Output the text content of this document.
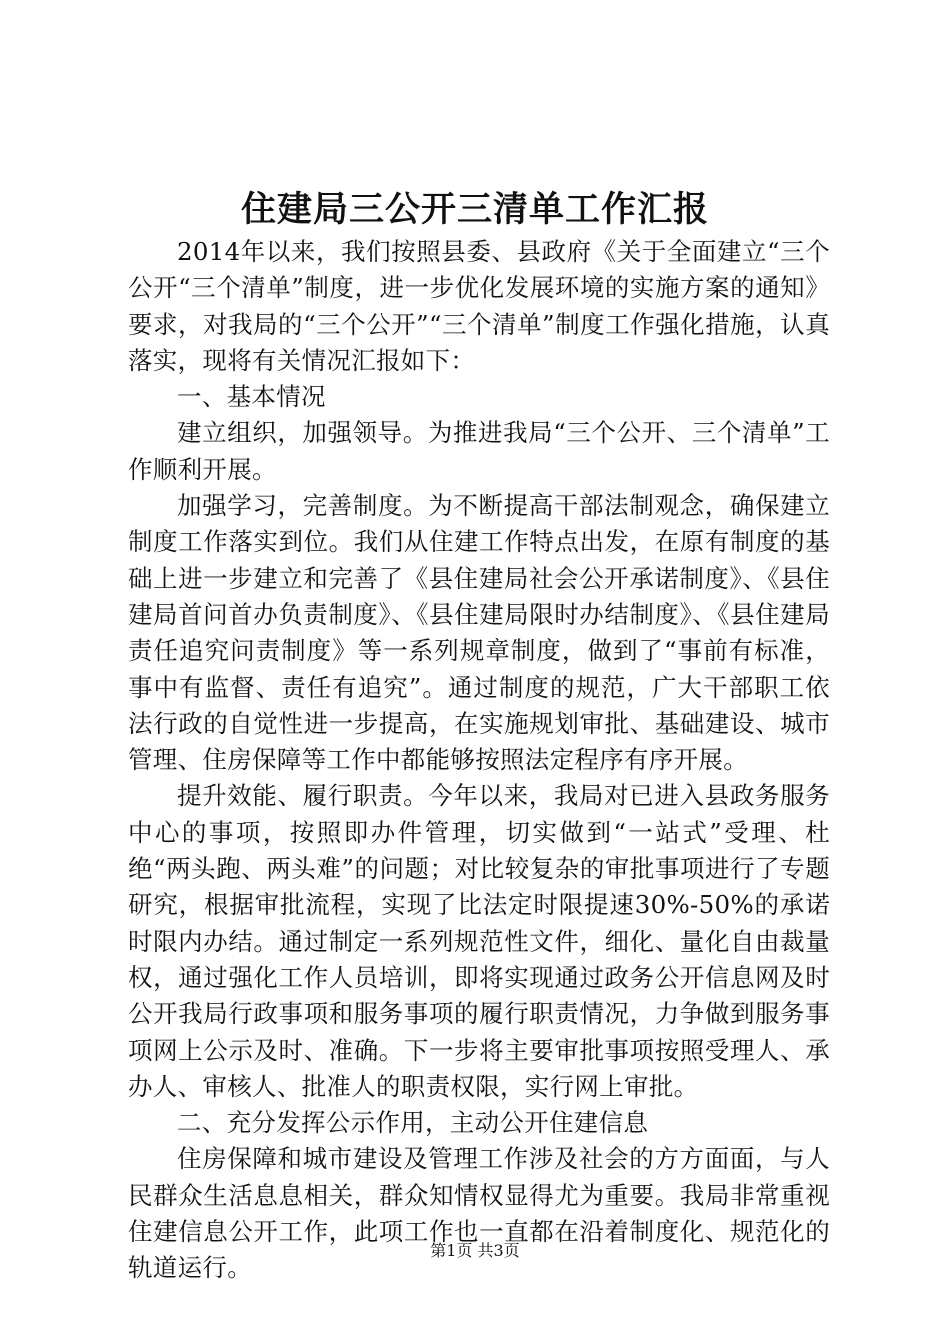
住建局三公开三清单工作汇报

2014年以来，我们按照县委、县政府《关于全面建立“三个公开“三个清单”制度，进一步优化发展环境的实施方案的通知》要求，对我局的“三个公开”“三个清单”制度工作强化措施，认真落实，现将有关情况汇报如下：

一、基本情况

建立组织，加强领导。为推进我局“三个公开、三个清单”工作顺利开展。

加强学习，完善制度。为不断提高干部法制观念，确保建立制度工作落实到位。我们从住建工作特点出发，在原有制度的基础上进一步建立和完善了《县住建局社会公开承诺制度》、《县住建局首问首办负责制度》、《县住建局限时办结制度》、《县住建局责任追究问责制度》等一系列规章制度，做到了“事前有标准，事中有监督、责任有追究”。通过制度的规范，广大干部职工依法行政的自觉性进一步提高，在实施规划审批、基础建设、城市管理、住房保障等工作中都能够按照法定程序有序开展。

提升效能、履行职责。今年以来，我局对已进入县政务服务中心的事项，按照即办件管理，切实做到“一站式”受理、杜绝“两头跑、两头难”的问题；对比较复杂的审批事项进行了专题研究，根据审批流程，实现了比法定时限提速30%-50%的承诺时限内办结。通过制定一系列规范性文件，细化、量化自由裁量权，通过强化工作人员培训，即将实现通过政务公开信息网及时公开我局行政事项和服务事项的履行职责情况，力争做到服务事项网上公示及时、准确。下一步将主要审批事项按照受理人、承办人、审核人、批准人的职责权限，实行网上审批。

二、充分发挥公示作用，主动公开住建信息

住房保障和城市建设及管理工作涉及社会的方方面面，与人民群众生活息息相关，群众知情权显得尤为重要。我局非常重视住建信息公开工作，此项工作也一直都在沿着制度化、规范化的轨道运行。

第1页 共3页
